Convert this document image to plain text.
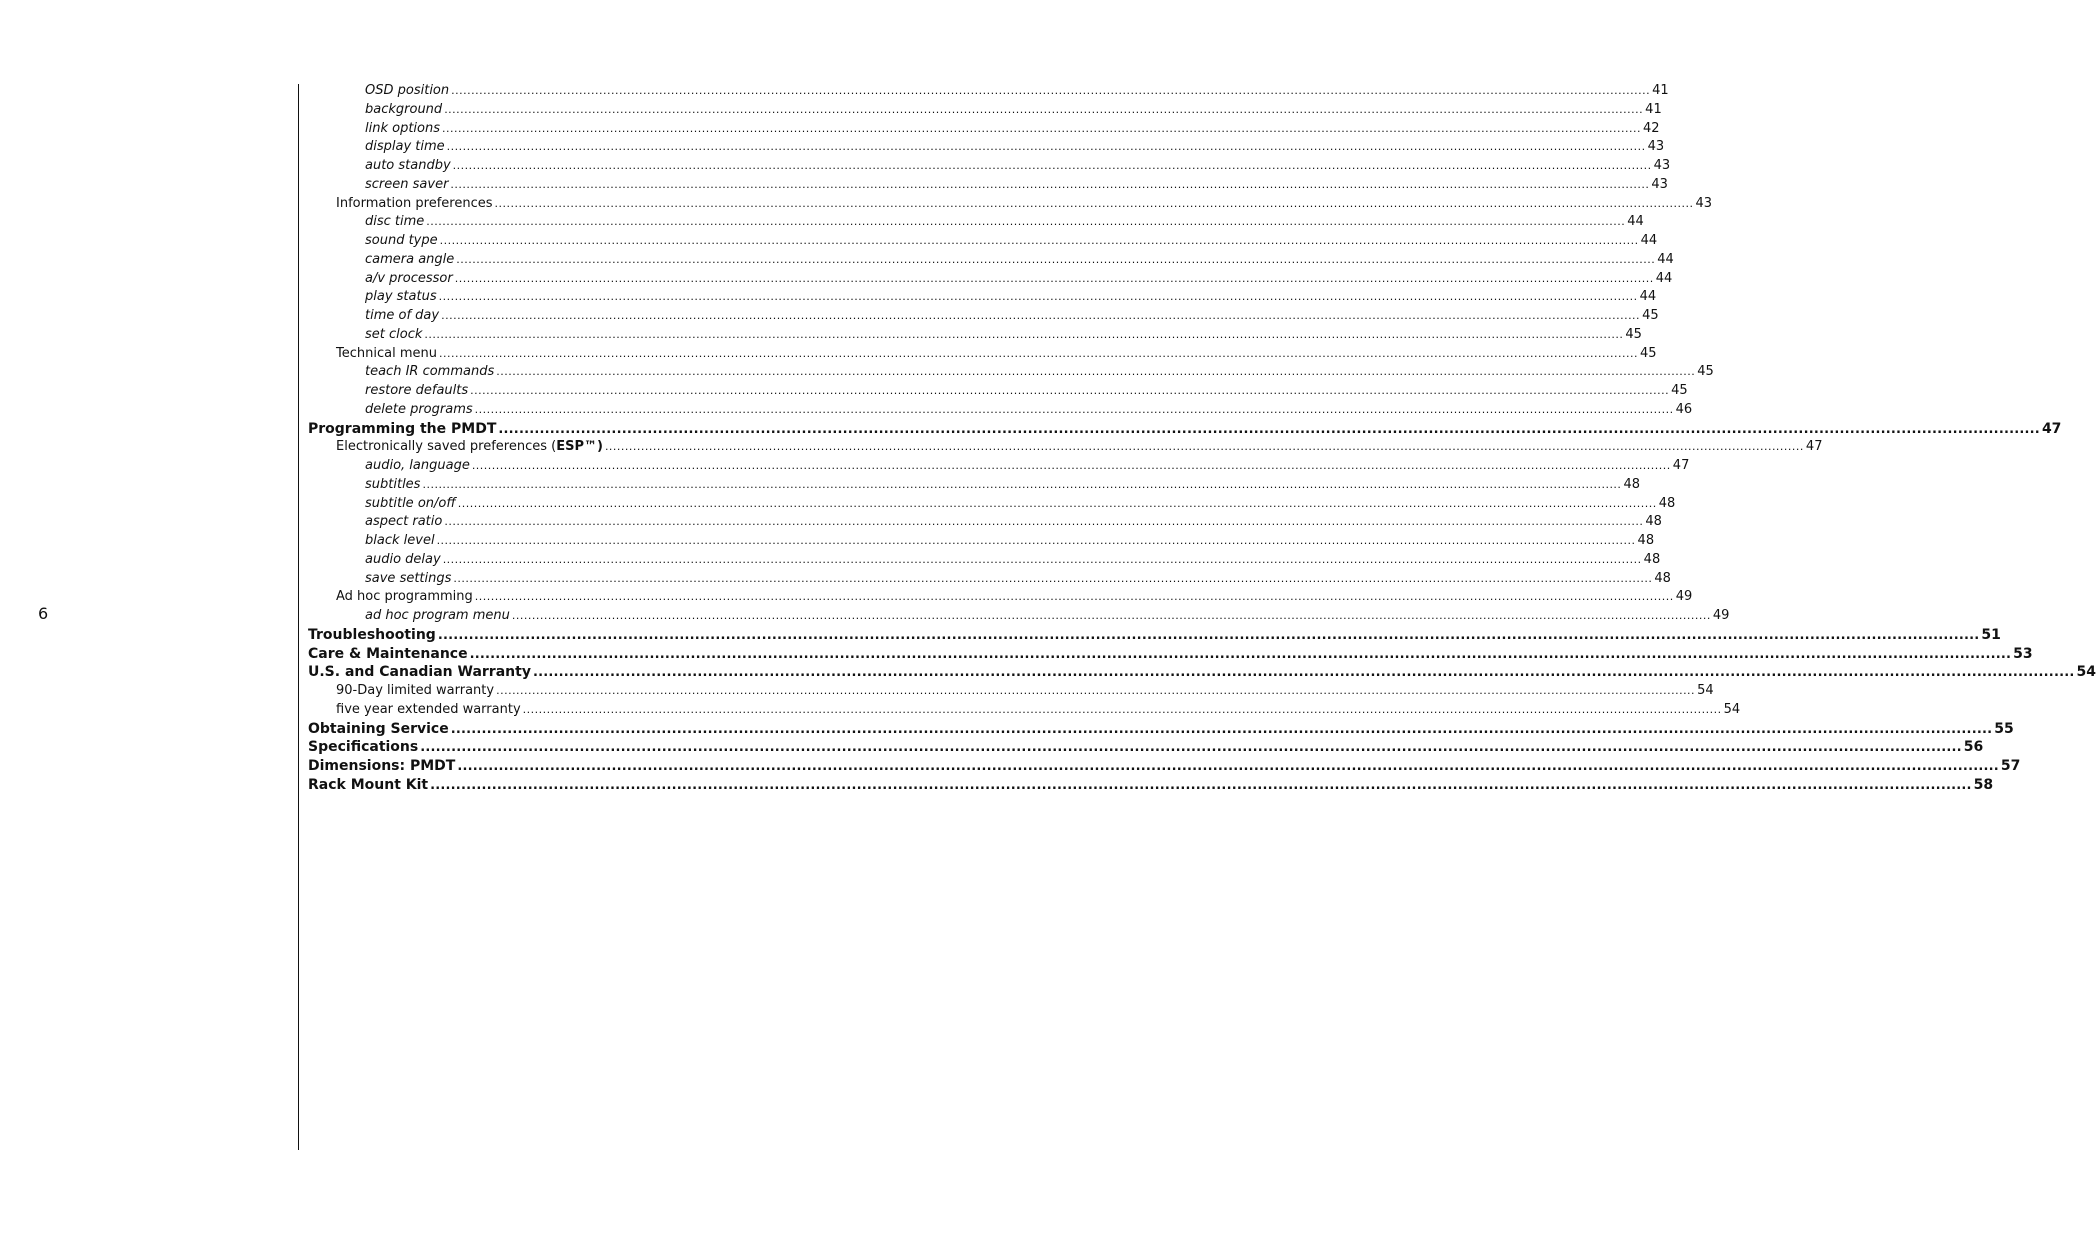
6
OSD position ............................................................................................................................................................................................................................................................................................................ 41
background ............................................................................................................................................................................................................................................................................................................ 41
link options ............................................................................................................................................................................................................................................................................................................ 42
display time ............................................................................................................................................................................................................................................................................................................ 43
auto standby ............................................................................................................................................................................................................................................................................................................ 43
screen saver ............................................................................................................................................................................................................................................................................................................ 43
Information preferences ............................................................................................................................................................................................................................................................................................................ 43
disc time ............................................................................................................................................................................................................................................................................................................ 44
sound type ............................................................................................................................................................................................................................................................................................................ 44
camera angle ............................................................................................................................................................................................................................................................................................................ 44
a/v processor ............................................................................................................................................................................................................................................................................................................ 44
play status ............................................................................................................................................................................................................................................................................................................ 44
time of day ............................................................................................................................................................................................................................................................................................................ 45
set clock ............................................................................................................................................................................................................................................................................................................ 45
Technical menu ............................................................................................................................................................................................................................................................................................................ 45
teach IR commands ............................................................................................................................................................................................................................................................................................................ 45
restore defaults ............................................................................................................................................................................................................................................................................................................ 45
delete programs ............................................................................................................................................................................................................................................................................................................ 46
Programming the PMDT ............................................................................................................................................................................................................................................................................................................ 47
Electronically saved preferences (ESP™) ............................................................................................................................................................................................................................................................................................................ 47
audio, language ............................................................................................................................................................................................................................................................................................................ 47
subtitles ............................................................................................................................................................................................................................................................................................................ 48
subtitle on/off ............................................................................................................................................................................................................................................................................................................ 48
aspect ratio ............................................................................................................................................................................................................................................................................................................ 48
black level ............................................................................................................................................................................................................................................................................................................ 48
audio delay ............................................................................................................................................................................................................................................................................................................ 48
save settings ............................................................................................................................................................................................................................................................................................................ 48
Ad hoc programming ............................................................................................................................................................................................................................................................................................................ 49
ad hoc program menu ............................................................................................................................................................................................................................................................................................................ 49
Troubleshooting ............................................................................................................................................................................................................................................................................................................ 51
Care & Maintenance ............................................................................................................................................................................................................................................................................................................ 53
U.S. and Canadian Warranty ............................................................................................................................................................................................................................................................................................................ 54
90-Day limited warranty ............................................................................................................................................................................................................................................................................................................ 54
five year extended warranty ............................................................................................................................................................................................................................................................................................................ 54
Obtaining Service ............................................................................................................................................................................................................................................................................................................ 55
Specifications ............................................................................................................................................................................................................................................................................................................ 56
Dimensions: PMDT ............................................................................................................................................................................................................................................................................................................ 57
Rack Mount Kit ............................................................................................................................................................................................................................................................................................................ 58
